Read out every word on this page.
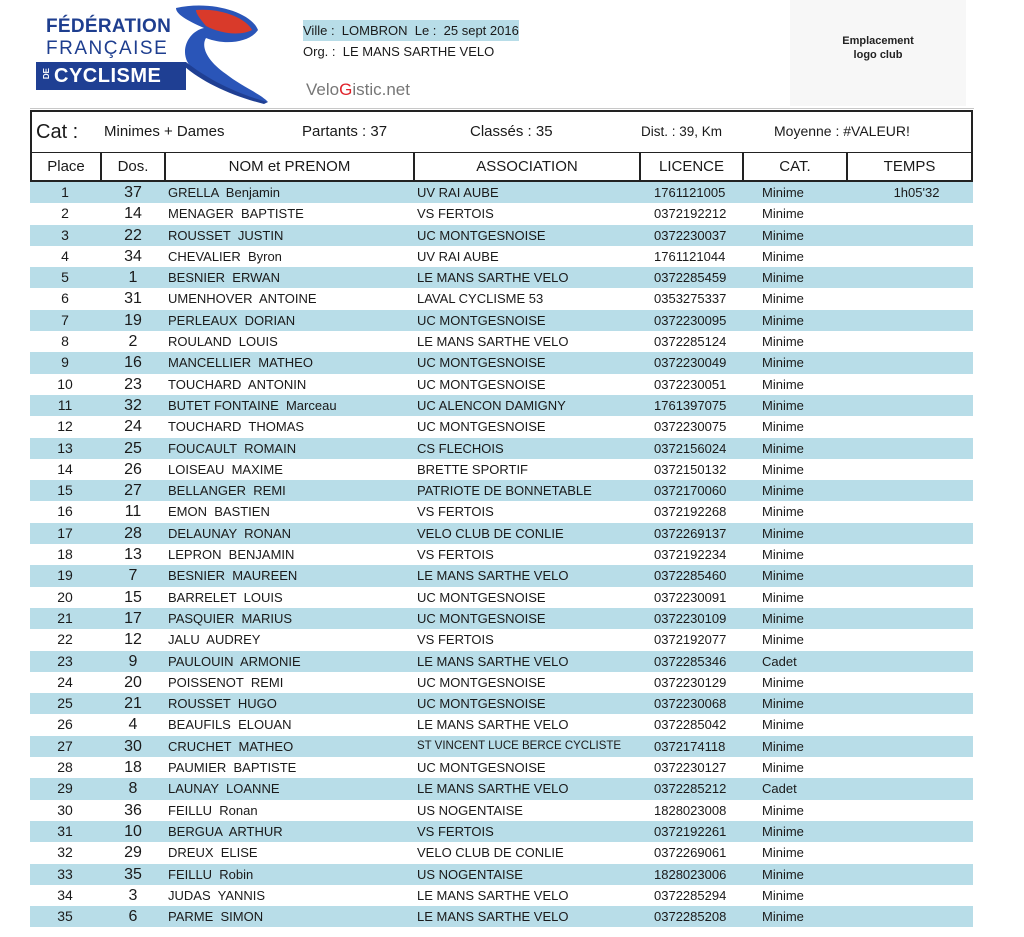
FÉDÉRATION
FRANÇAISE
DE CYCLISME
Ville :  LOMBRON  Le :  25 sept 2016
Org. :  LE MANS SARTHE VELO
VeloGistic.net
Emplacement
logo club
Cat : Minimes + Dames	Partants : 37	Classés : 35	Dist. : 39, Km	Moyenne : #VALEUR!
Place	Dos.	NOM et PRENOM	ASSOCIATION	LICENCE	CAT.	TEMPS
1	37	GRELLA  Benjamin	UV RAI AUBE	1761121005	Minime	1h05'32
2	14	MENAGER  BAPTISTE	VS FERTOIS	0372192212	Minime
3	22	ROUSSET  JUSTIN	UC MONTGESNOISE	0372230037	Minime
4	34	CHEVALIER  Byron	UV RAI AUBE	1761121044	Minime
5	1	BESNIER  ERWAN	LE MANS SARTHE VELO	0372285459	Minime
6	31	UMENHOVER  ANTOINE	LAVAL CYCLISME 53	0353275337	Minime
7	19	PERLEAUX  DORIAN	UC MONTGESNOISE	0372230095	Minime
8	2	ROULAND  LOUIS	LE MANS SARTHE VELO	0372285124	Minime
9	16	MANCELLIER  MATHEO	UC MONTGESNOISE	0372230049	Minime
10	23	TOUCHARD  ANTONIN	UC MONTGESNOISE	0372230051	Minime
11	32	BUTET FONTAINE  Marceau	UC ALENCON DAMIGNY	1761397075	Minime
12	24	TOUCHARD  THOMAS	UC MONTGESNOISE	0372230075	Minime
13	25	FOUCAULT  ROMAIN	CS FLECHOIS	0372156024	Minime
14	26	LOISEAU  MAXIME	BRETTE SPORTIF	0372150132	Minime
15	27	BELLANGER  REMI	PATRIOTE DE BONNETABLE	0372170060	Minime
16	11	EMON  BASTIEN	VS FERTOIS	0372192268	Minime
17	28	DELAUNAY  RONAN	VELO CLUB DE CONLIE	0372269137	Minime
18	13	LEPRON  BENJAMIN	VS FERTOIS	0372192234	Minime
19	7	BESNIER  MAUREEN	LE MANS SARTHE VELO	0372285460	Minime
20	15	BARRELET  LOUIS	UC MONTGESNOISE	0372230091	Minime
21	17	PASQUIER  MARIUS	UC MONTGESNOISE	0372230109	Minime
22	12	JALU  AUDREY	VS FERTOIS	0372192077	Minime
23	9	PAULOUIN  ARMONIE	LE MANS SARTHE VELO	0372285346	Cadet
24	20	POISSENOT  REMI	UC MONTGESNOISE	0372230129	Minime
25	21	ROUSSET  HUGO	UC MONTGESNOISE	0372230068	Minime
26	4	BEAUFILS  ELOUAN	LE MANS SARTHE VELO	0372285042	Minime
27	30	CRUCHET  MATHEO	ST VINCENT LUCE BERCE CYCLISTE	0372174118	Minime
28	18	PAUMIER  BAPTISTE	UC MONTGESNOISE	0372230127	Minime
29	8	LAUNAY  LOANNE	LE MANS SARTHE VELO	0372285212	Cadet
30	36	FEILLU  Ronan	US NOGENTAISE	1828023008	Minime
31	10	BERGUA  ARTHUR	VS FERTOIS	0372192261	Minime
32	29	DREUX  ELISE	VELO CLUB DE CONLIE	0372269061	Minime
33	35	FEILLU  Robin	US NOGENTAISE	1828023006	Minime
34	3	JUDAS  YANNIS	LE MANS SARTHE VELO	0372285294	Minime
35	6	PARME  SIMON	LE MANS SARTHE VELO	0372285208	Minime
